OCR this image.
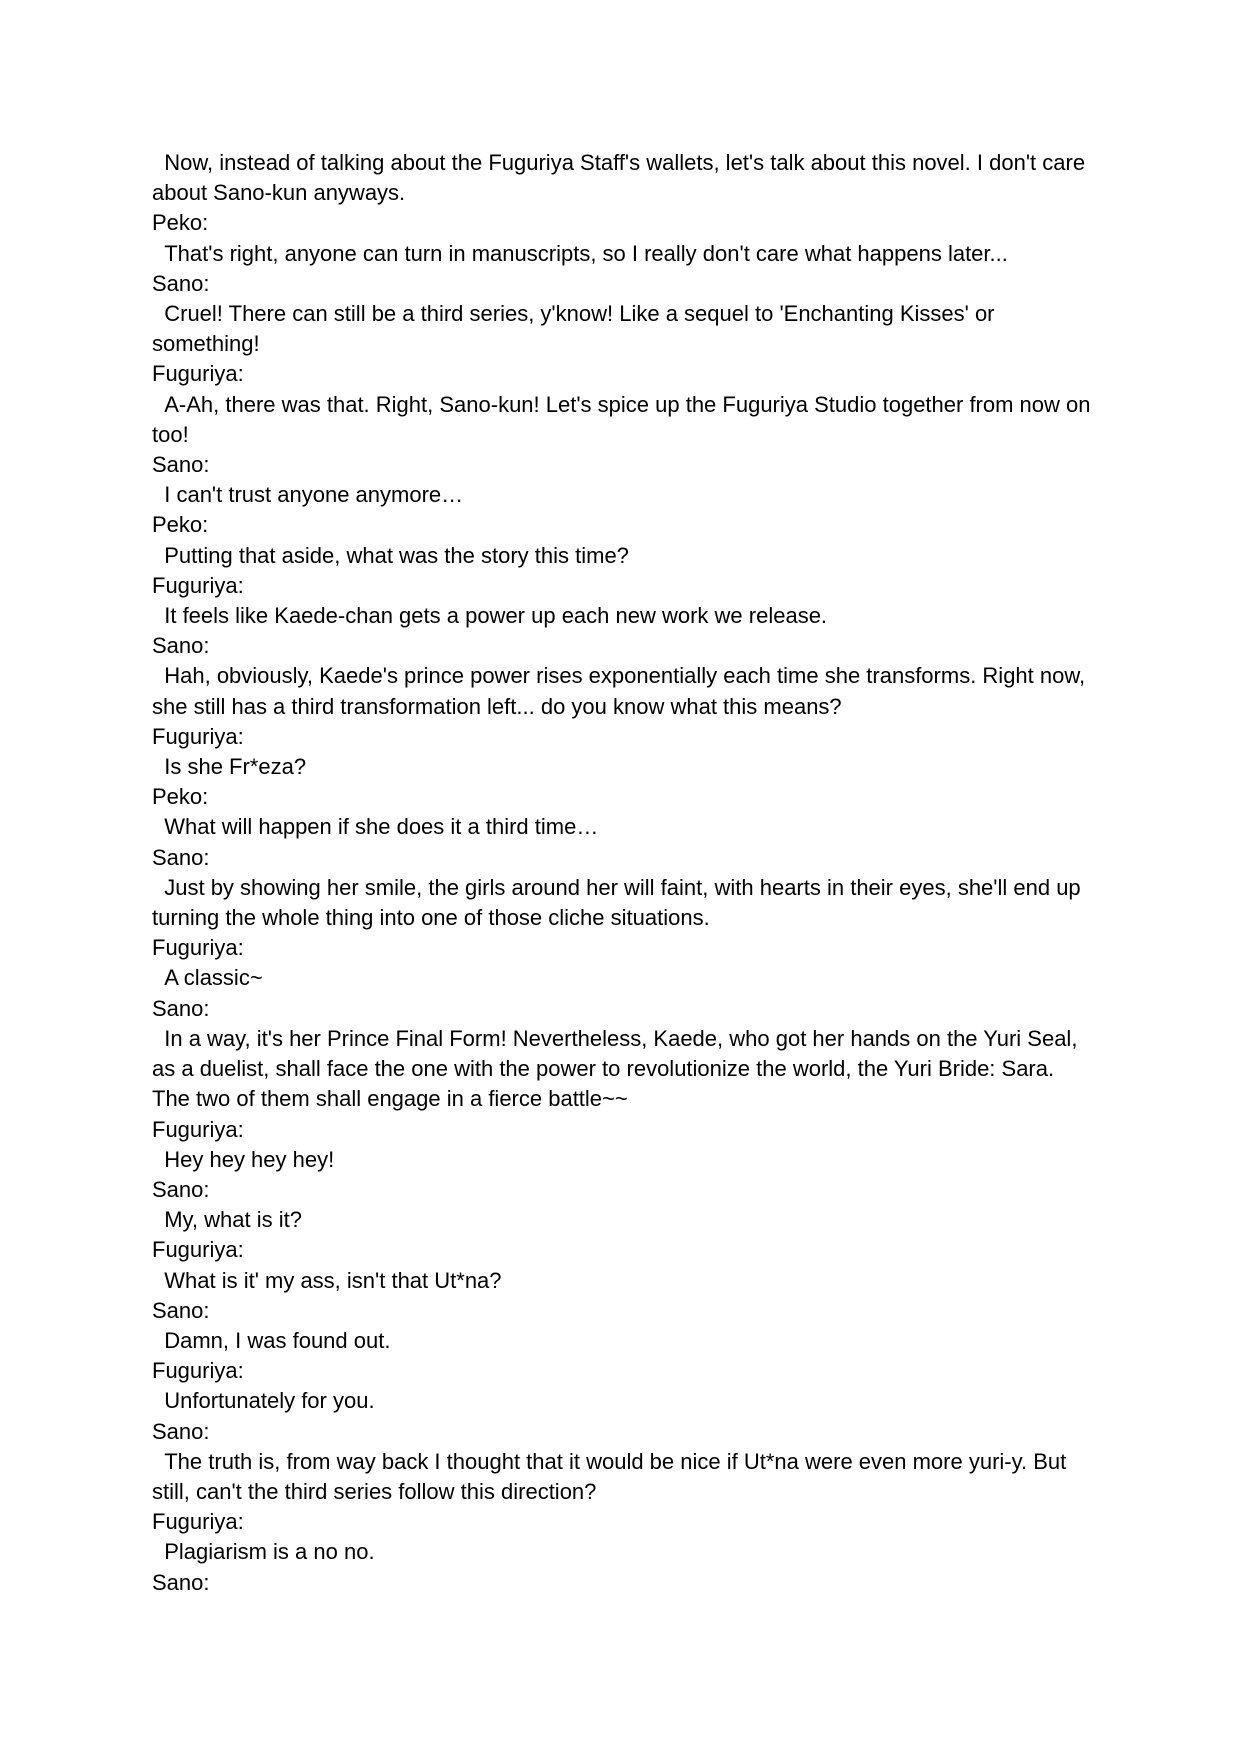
Now, instead of talking about the Fuguriya Staff's wallets, let's talk about this novel. I don't care about Sano-kun anyways.

Peko:

That's right, anyone can turn in manuscripts, so I really don't care what happens later...

Sano:

Cruel! There can still be a third series, y'know! Like a sequel to 'Enchanting Kisses' or something!

Fuguriya:

A-Ah, there was that. Right, Sano-kun! Let's spice up the Fuguriya Studio together from now on too!

Sano:

I can't trust anyone anymore…

Peko:

Putting that aside, what was the story this time?

Fuguriya:

It feels like Kaede-chan gets a power up each new work we release.

Sano:

Hah, obviously, Kaede's prince power rises exponentially each time she transforms. Right now, she still has a third transformation left... do you know what this means?

Fuguriya:

Is she Fr*eza?

Peko:

What will happen if she does it a third time…

Sano:

Just by showing her smile, the girls around her will faint, with hearts in their eyes, she'll end up turning the whole thing into one of those cliche situations.

Fuguriya:

A classic~

Sano:

In a way, it's her Prince Final Form! Nevertheless, Kaede, who got her hands on the Yuri Seal, as a duelist, shall face the one with the power to revolutionize the world, the Yuri Bride: Sara. The two of them shall engage in a fierce battle~~

Fuguriya:

Hey hey hey hey!

Sano:

My, what is it?

Fuguriya:

What is it' my ass, isn't that Ut*na?

Sano:

Damn, I was found out.

Fuguriya:

Unfortunately for you.

Sano:

The truth is, from way back I thought that it would be nice if Ut*na were even more yuri-y. But still, can't the third series follow this direction?

Fuguriya:

Plagiarism is a no no.

Sano:
